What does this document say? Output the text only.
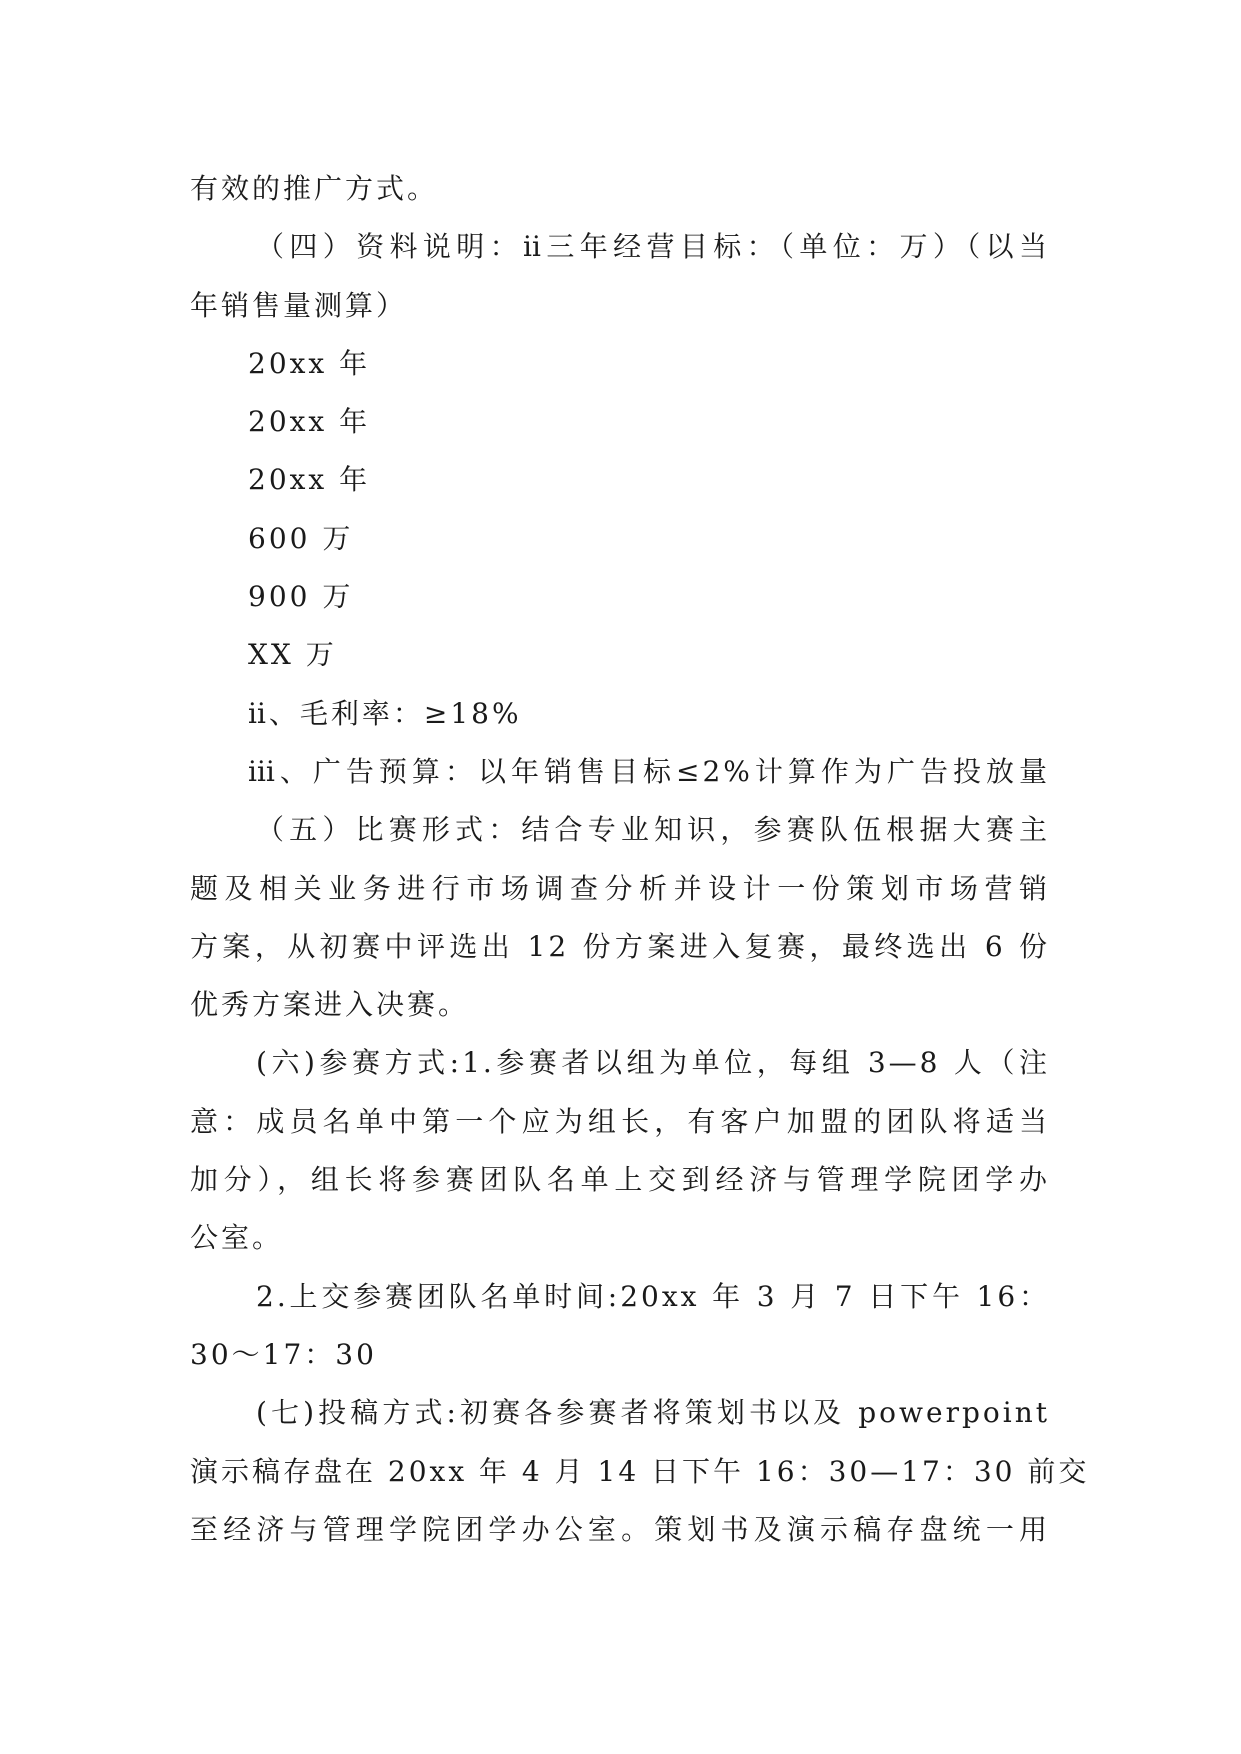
有效的推广方式。
（四）资料说明：ⅱ三年经营目标：（单位：万）（以当
年销售量测算）
20xx 年
20xx 年
20xx 年
600 万
900 万
XX 万
ⅱ、毛利率：≥18%
ⅲ、广告预算：以年销售目标≤2%计算作为广告投放量
（五）比赛形式：结合专业知识，参赛队伍根据大赛主
题及相关业务进行市场调查分析并设计一份策划市场营销
方案，从初赛中评选出 12 份方案进入复赛，最终选出 6 份
优秀方案进入决赛。
(六)参赛方式:1.参赛者以组为单位，每组 3—8 人（注
意：成员名单中第一个应为组长，有客户加盟的团队将适当
加分），组长将参赛团队名单上交到经济与管理学院团学办
公室。
2.上交参赛团队名单时间:20xx 年 3 月 7 日下午 16：
30～17：30
(七)投稿方式:初赛各参赛者将策划书以及 powerpoint
演示稿存盘在 20xx 年 4 月 14 日下午 16：30—17：30 前交
至经济与管理学院团学办公室。策划书及演示稿存盘统一用
